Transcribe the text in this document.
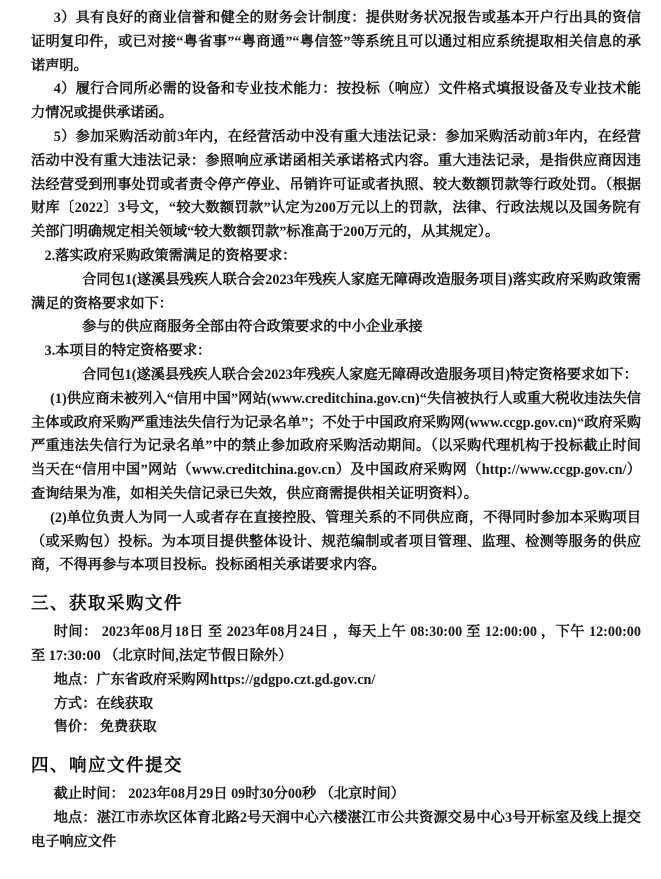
3）具有良好的商业信誉和健全的财务会计制度：提供财务状况报告或基本开户行出具的资信证明复印件，或已对接“粤省事”“粤商通”“粤信签”等系统且可以通过相应系统提取相关信息的承诺声明。

4）履行合同所必需的设备和专业技术能力：按投标（响应）文件格式填报设备及专业技术能力情况或提供承诺函。

5）参加采购活动前3年内，在经营活动中没有重大违法记录：参加采购活动前3年内，在经营活动中没有重大违法记录：参照响应承诺函相关承诺格式内容。重大违法记录，是指供应商因违法经营受到刑事处罚或者责令停产停业、吊销许可证或者执照、较大数额罚款等行政处罚。（根据财库〔2022〕3号文，“较大数额罚款”认定为200万元以上的罚款，法律、行政法规以及国务院有关部门明确规定相关领域“较大数额罚款”标准高于200万元的，从其规定）。

2.落实政府采购政策需满足的资格要求：

合同包1(遂溪县残疾人联合会2023年残疾人家庭无障碍改造服务项目)落实政府采购政策需满足的资格要求如下：

参与的供应商服务全部由符合政策要求的中小企业承接

3.本项目的特定资格要求：

合同包1(遂溪县残疾人联合会2023年残疾人家庭无障碍改造服务项目)特定资格要求如下：

(1)供应商未被列入“信用中国”网站(www.creditchina.gov.cn)“失信被执行人或重大税收违法失信主体或政府采购严重违法失信行为记录名单”；不处于中国政府采购网(www.ccgp.gov.cn)“政府采购严重违法失信行为记录名单”中的禁止参加政府采购活动期间。（以采购代理机构于投标截止时间当天在“信用中国”网站（www.creditchina.gov.cn）及中国政府采购网（http://www.ccgp.gov.cn/）查询结果为准，如相关失信记录已失效，供应商需提供相关证明资料）。

(2)单位负责人为同一人或者存在直接控股、管理关系的不同供应商，不得同时参加本采购项目（或采购包）投标。为本项目提供整体设计、规范编制或者项目管理、监理、检测等服务的供应商，不得再参与本项目投标。投标函相关承诺要求内容。

三、获取采购文件

时间： 2023年08月18日 至 2023年08月24日 ，每天上午 08:30:00 至 12:00:00 ，下午 12:00:00 至 17:30:00 （北京时间,法定节假日除外）

地点：广东省政府采购网https://gdgpo.czt.gd.gov.cn/

方式：在线获取

售价： 免费获取

四、响应文件提交

截止时间： 2023年08月29日 09时30分00秒 （北京时间）

地点：湛江市赤坎区体育北路2号天润中心六楼湛江市公共资源交易中心3号开标室及线上提交电子响应文件
